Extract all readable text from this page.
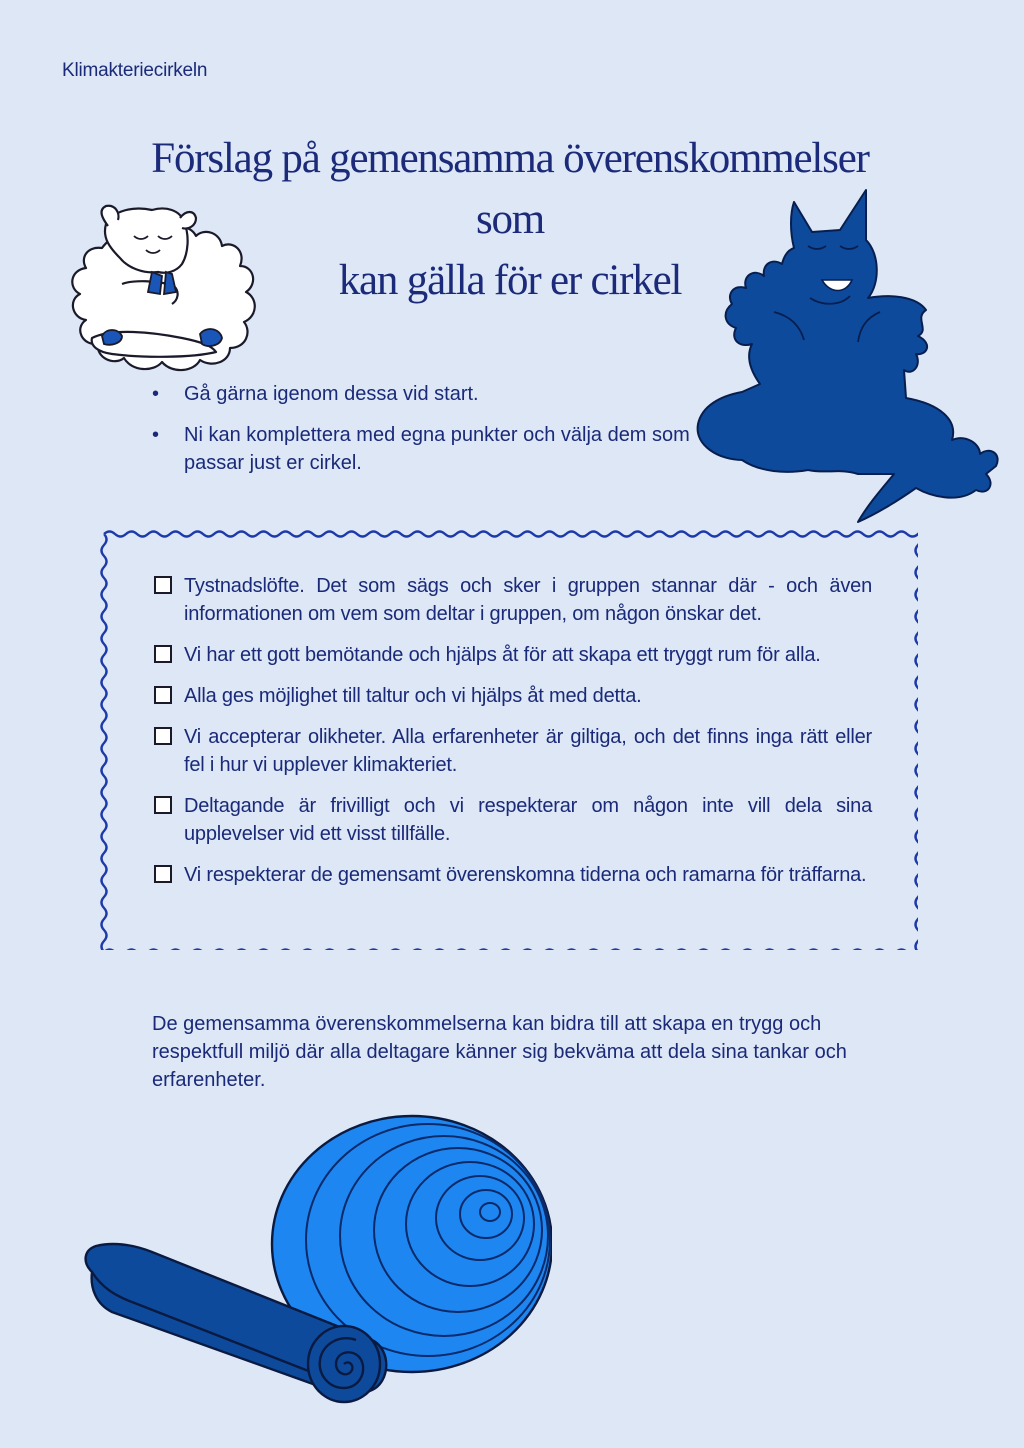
Klimakteriecirkeln
Förslag på gemensamma överenskommelser som
kan gälla för er cirkel
• Gå gärna igenom dessa vid start.
• Ni kan komplettera med egna punkter och välja dem som passar just er cirkel.
Tystnadslöfte. Det som sägs och sker i gruppen stannar där - och även informationen om vem som deltar i gruppen, om någon önskar det.
Vi har ett gott bemötande och hjälps åt för att skapa ett tryggt rum för alla.
Alla ges möjlighet till taltur och vi hjälps åt med detta.
Vi accepterar olikheter. Alla erfarenheter är giltiga, och det finns inga rätt eller fel i hur vi upplever klimakteriet.
Deltagande är frivilligt och vi respekterar om någon inte vill dela sina upplevelser vid ett visst tillfälle.
Vi respekterar de gemensamt överenskomna tiderna och ramarna för träffarna.

De gemensamma överenskommelserna kan bidra till att skapa en trygg och respektfull miljö där alla deltagare känner sig bekväma att dela sina tankar och erfarenheter.
